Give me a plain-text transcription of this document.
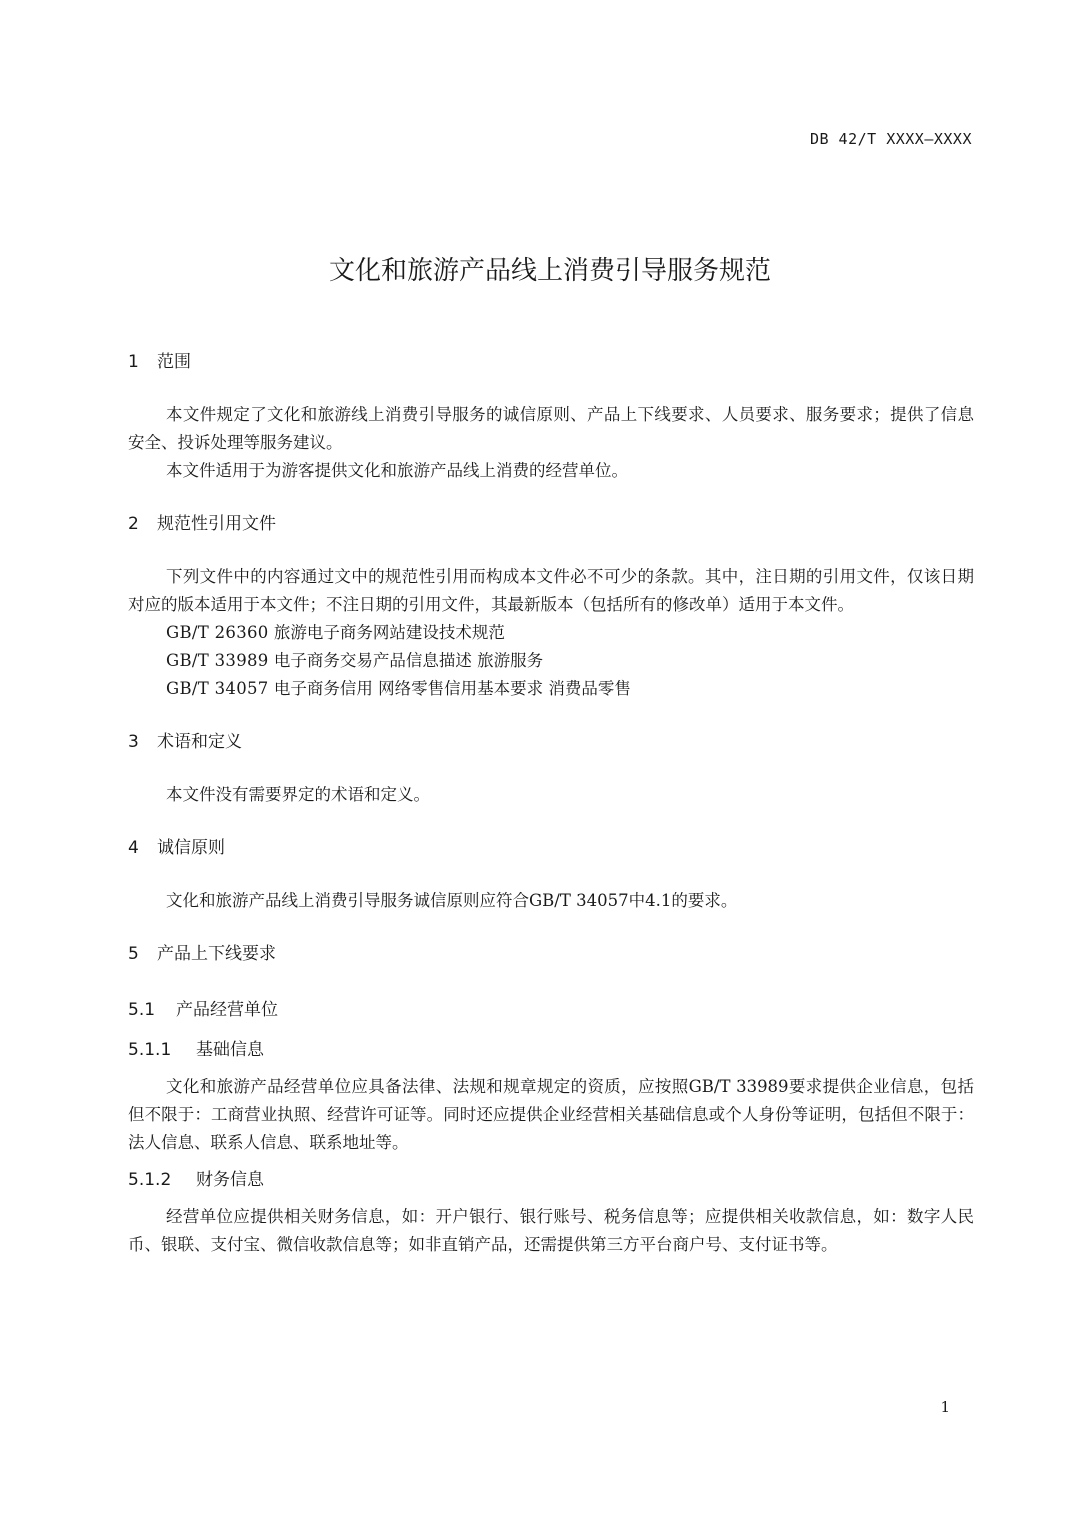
DB 42/T XXXX—XXXX
文化和旅游产品线上消费引导服务规范
1 范围

本文件规定了文化和旅游线上消费引导服务的诚信原则、产品上下线要求、人员要求、服务要求；提供了信息安全、投诉处理等服务建议。

本文件适用于为游客提供文化和旅游产品线上消费的经营单位。

2 规范性引用文件

下列文件中的内容通过文中的规范性引用而构成本文件必不可少的条款。其中，注日期的引用文件，仅该日期对应的版本适用于本文件；不注日期的引用文件，其最新版本（包括所有的修改单）适用于本文件。

GB/T 26360 旅游电子商务网站建设技术规范

GB/T 33989 电子商务交易产品信息描述 旅游服务

GB/T 34057 电子商务信用 网络零售信用基本要求 消费品零售

3 术语和定义

本文件没有需要界定的术语和定义。

4 诚信原则

文化和旅游产品线上消费引导服务诚信原则应符合GB/T 34057中4.1的要求。

5 产品上下线要求
5.1 产品经营单位
5.1.1 基础信息

文化和旅游产品经营单位应具备法律、法规和规章规定的资质，应按照GB/T 33989要求提供企业信息，包括但不限于：工商营业执照、经营许可证等。同时还应提供企业经营相关基础信息或个人身份等证明，包括但不限于：法人信息、联系人信息、联系地址等。

5.1.2 财务信息

经营单位应提供相关财务信息，如：开户银行、银行账号、税务信息等；应提供相关收款信息，如：数字人民币、银联、支付宝、微信收款信息等；如非直销产品，还需提供第三方平台商户号、支付证书等。

1
